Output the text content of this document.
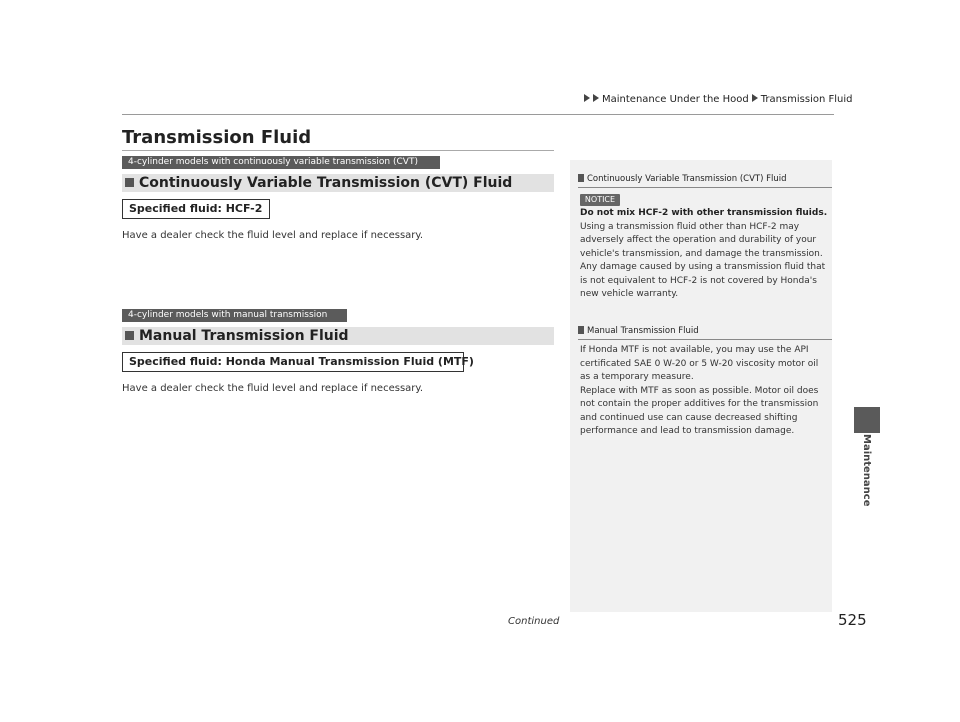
Maintenance Under the Hood Transmission Fluid
Transmission Fluid
4-cylinder models with continuously variable transmission (CVT)
Continuously Variable Transmission (CVT) Fluid
Specified fluid: HCF-2
Have a dealer check the fluid level and replace if necessary.
4-cylinder models with manual transmission
Manual Transmission Fluid
Specified fluid: Honda Manual Transmission Fluid (MTF)
Have a dealer check the fluid level and replace if necessary.
Continuously Variable Transmission (CVT) Fluid
NOTICE
Do not mix HCF-2 with other transmission fluids.
Using a transmission fluid other than HCF-2 may adversely affect the operation and durability of your vehicle's transmission, and damage the transmission. Any damage caused by using a transmission fluid that is not equivalent to HCF-2 is not covered by Honda's new vehicle warranty.
Manual Transmission Fluid
If Honda MTF is not available, you may use the API certificated SAE 0 W-20 or 5 W-20 viscosity motor oil as a temporary measure.
Replace with MTF as soon as possible. Motor oil does not contain the proper additives for the transmission and continued use can cause decreased shifting performance and lead to transmission damage.
Maintenance
Continued	525
